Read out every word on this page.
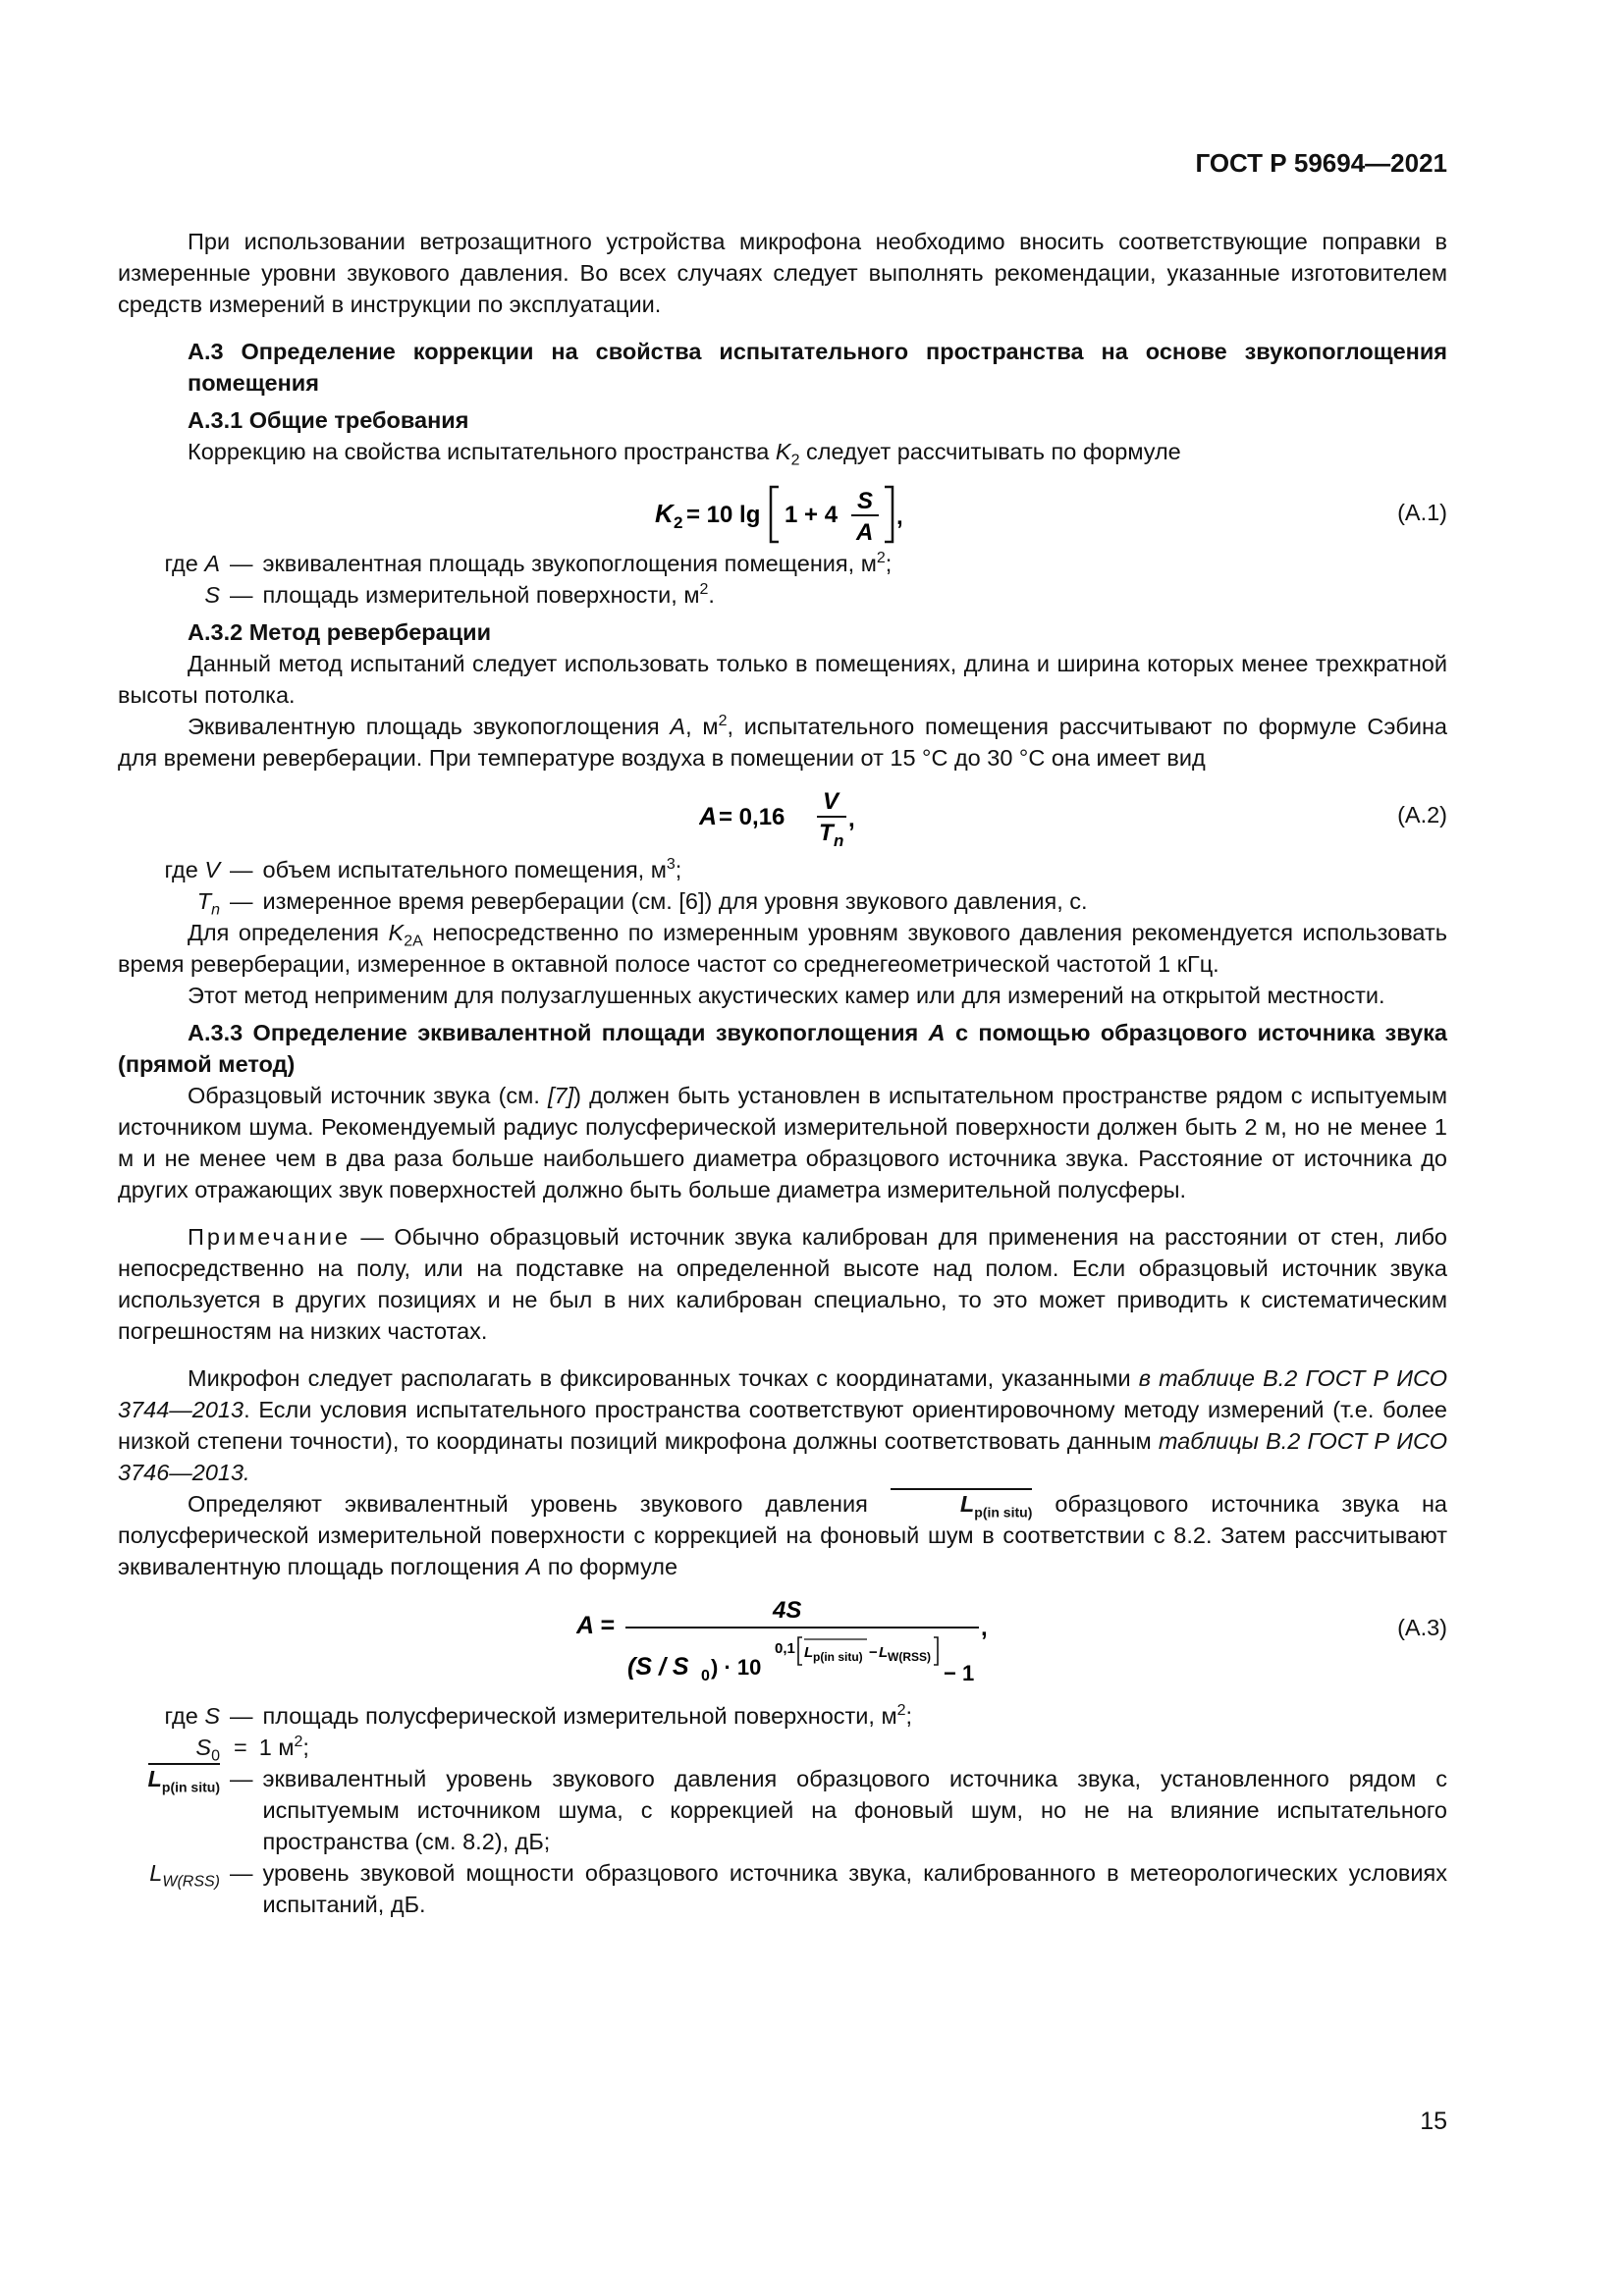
ГОСТ Р 59694—2021

При использовании ветрозащитного устройства микрофона необходимо вносить соответствующие поправки в измеренные уровни звукового давления. Во всех случаях следует выполнять рекомендации, указанные изготовителем средств измерений в инструкции по эксплуатации.

А.3 Определение коррекции на свойства испытательного пространства на основе звукопоглощения помещения

А.3.1 Общие требования

Коррекцию на свойства испытательного пространства $K_2$ следует рассчитывать по формуле

K 2 = 10 lg 1 + 4
S
A
,	(А.1)
где A — эквивалентная площадь звукопоглощения помещения, $м^2$;
S — площадь измерительной поверхности, $м^2$.

А.3.2 Метод реверберации

Данный метод испытаний следует использовать только в помещениях, длина и ширина которых менее трехкратной высоты потолка.

Эквивалентную площадь звукопоглощения A, $м^2$, испытательного помещения рассчитывают по формуле Сэбина для времени реверберации. При температуре воздуха в помещении от 15 °С до 30 °С она имеет вид

A = 0,16
V
T n
,	(А.2)
где V — объем испытательного помещения, $м^3$;
$T_n$ — измеренное время реверберации (см. [6]) для уровня звукового давления, с.

Для определения $K_{2A}$ непосредственно по измеренным уровням звукового давления рекомендуется использовать время реверберации, измеренное в октавной полосе частот со среднегеометрической частотой 1 кГц.

Этот метод неприменим для полузаглушенных акустических камер или для измерений на открытой местности.

А.3.3 Определение эквивалентной площади звукопоглощения A с помощью образцового источника звука (прямой метод)

Образцовый источник звука (см. [7]) должен быть установлен в испытательном пространстве рядом с испытуемым источником шума. Рекомендуемый радиус полусферической измерительной поверхности должен быть 2 м, но не менее 1 м и не менее чем в два раза больше наибольшего диаметра образцового источника звука. Расстояние от источника до других отражающих звук поверхностей должно быть больше диаметра измерительной полусферы.

Примечание — Обычно образцовый источник звука калиброван для применения на расстоянии от стен, либо непосредственно на полу, или на подставке на определенной высоте над полом. Если образцовый источник звука используется в других позициях и не был в них калиброван специально, то это может приводить к систематическим погрешностям на низких частотах.

Микрофон следует располагать в фиксированных точках с координатами, указанными в таблице В.2 ГОСТ Р ИСО 3744—2013. Если условия испытательного пространства соответствуют ориентировочному методу измерений (т.е. более низкой степени точности), то координаты позиций микрофона должны соответствовать данным таблицы В.2 ГОСТ Р ИСО 3746—2013.

Определяют эквивалентный уровень звукового давления	$L_{p(in situ)}$ образцового источника звука на полусферической измерительной поверхности с коррекцией на фоновый шум в соответствии с 8.2. Затем рассчитывают эквивалентную площадь поглощения A по формуле

A =
4S
(S / S 0 ) · 10
0,1 L p(in situ) − L W(RSS)
− 1
,	(А.3)
где S — площадь полусферической измерительной поверхности, $м^2$;
$S_0 = 1$ $м^2$;
$L_{p(in situ)}$ — эквивалентный уровень звукового давления образцового источника звука, установленного рядом с испытуемым источником шума, с коррекцией на фоновый шум, но не на влияние испытательного пространства (см. 8.2), дБ;
$L_{W(RSS)}$ — уровень звуковой мощности образцового источника звука, калиброванного в метеорологических условиях испытаний, дБ.
15
